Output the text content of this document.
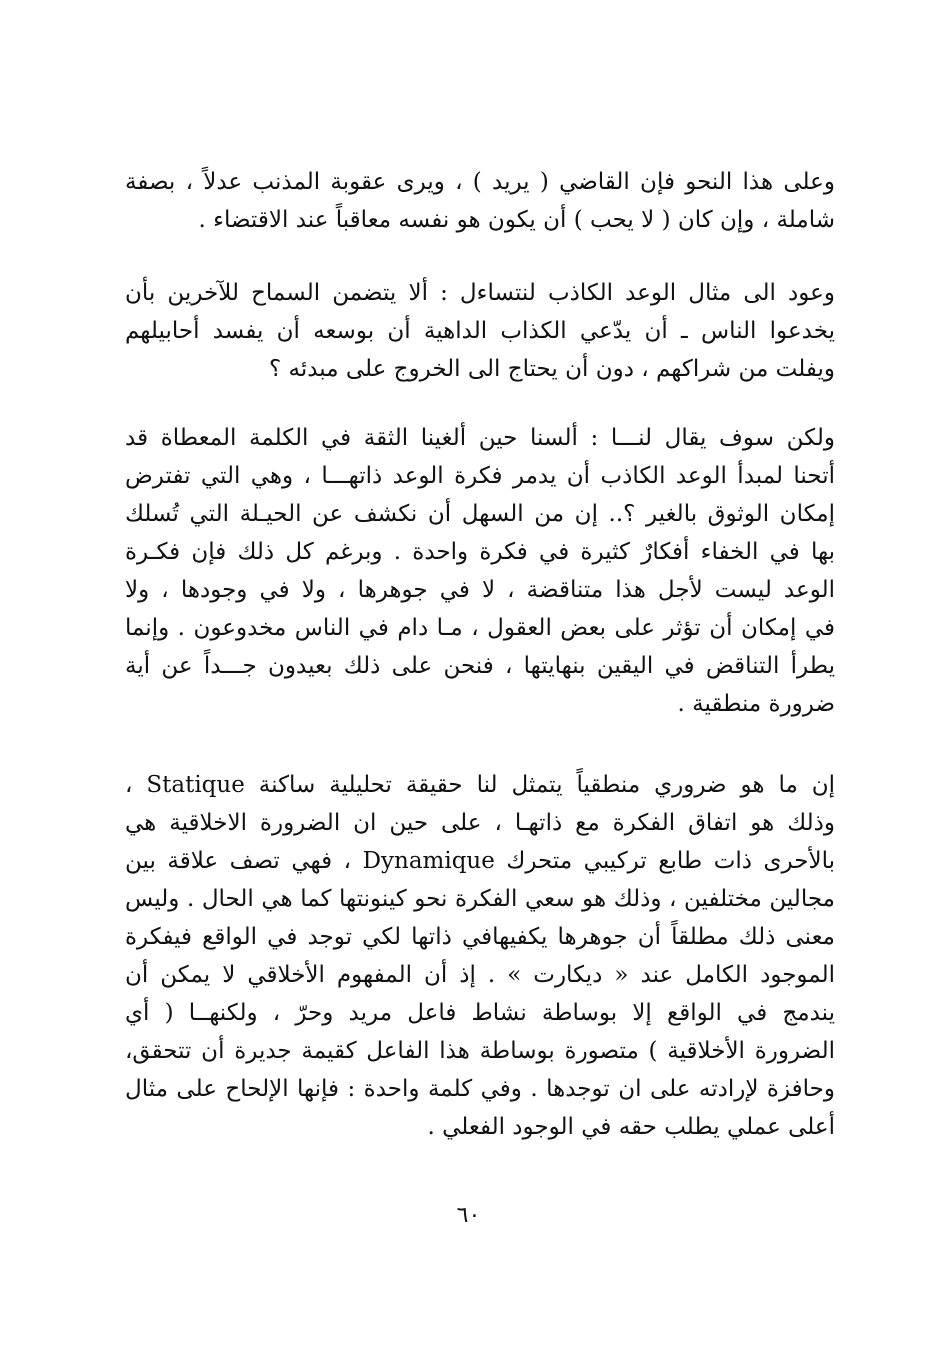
وعلى هذا النحو فإن القاضي ( يريد ) ، ويرى عقوبة المذنب عدلاً ، بصفة
شاملة ، وإن كان ( لا يحب ) أن يكون هو نفسه معاقباً عند الاقتضاء .
وعود الى مثال الوعد الكاذب لنتساءل : ألا يتضمن السماح للآخرين بأن
يخدعوا الناس ـ أن يدّعي الكذاب الداهية أن بوسعه أن يفسد أحابيلهم
ويفلت من شراكهم ، دون أن يحتاج الى الخروج على مبدئه ؟
ولكن سوف يقال لنـــا : ألسنا حين ألغينا الثقة في الكلمة المعطاة قد
أتحنا لمبدأ الوعد الكاذب أن يدمر فكرة الوعد ذاتهـــا ، وهي التي تفترض
إمكان الوثوق بالغير ؟.. إن من السهل أن نكشف عن الحيـلة التي تُسلك
بها في الخفاء أفكارٌ كثيرة في فكرة واحدة . وبرغم كل ذلك فإن فكـرة
الوعد ليست لأجل هذا متناقضة ، لا في جوهرها ، ولا في وجودها ، ولا
في إمكان أن تؤثر على بعض العقول ، مـا دام في الناس مخدوعون . وإنما
يطرأ التناقض في اليقين بنهايتها ، فنحن على ذلك بعيدون جـــداً عن أية
ضرورة منطقية .
إن ما هو ضروري منطقياً يتمثل لنا حقيقة تحليلية ساكنة Statique ،
وذلك هو اتفاق الفكرة مع ذاتهـا ، على حين ان الضرورة الاخلاقية هي
بالأحرى ذات طابع تركيبي متحرك Dynamique ، فهي تصف علاقة بين
مجالين مختلفين ، وذلك هو سعي الفكرة نحو كينونتها كما هي الحال . وليس
معنى ذلك مطلقاً أن جوهرها يكفيهافي ذاتها لكي توجد في الواقع فيفكرة
الموجود الكامل عند « ديكارت » . إذ أن المفهوم الأخلاقي لا يمكن أن
يندمج في الواقع إلا بوساطة نشاط فاعل مريد وحرّ ، ولكنهــا ( أي
الضرورة الأخلاقية ) متصورة بوساطة هذا الفاعل كقيمة جديرة أن تتحقق،
وحافزة لإرادته على ان توجدها . وفي كلمة واحدة : فإنها الإلحاح على مثال
أعلى عملي يطلب حقه في الوجود الفعلي .
٦٠
